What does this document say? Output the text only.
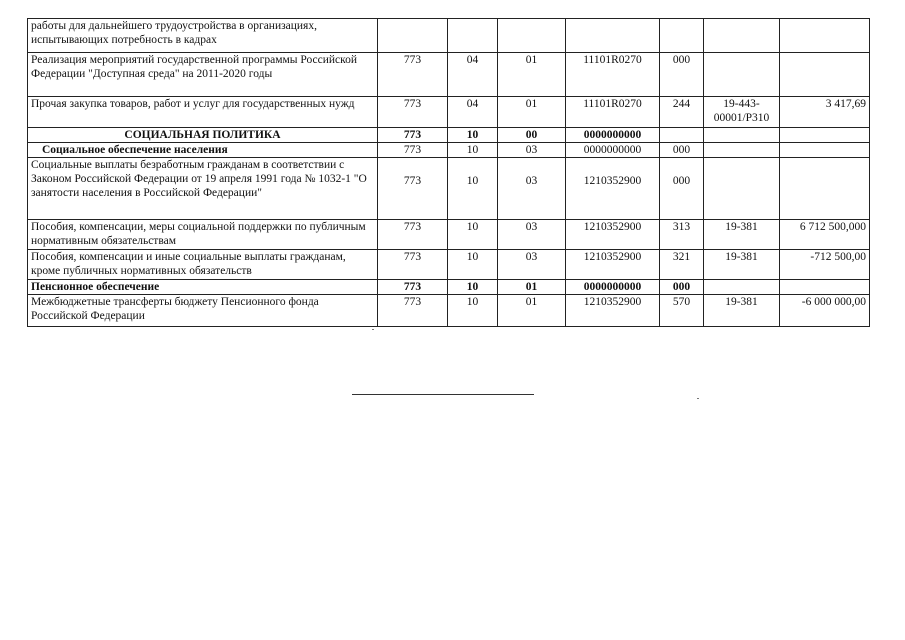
работы для дальнейшего трудоустройства в организациях, испытывающих потребность в кадрах							
Реализация мероприятий государственной программы Российской Федерации "Доступная среда" на 2011-2020 годы	773	04	01	11101R0270	000		
Прочая закупка товаров, работ и услуг для государственных нужд	773	04	01	11101R0270	244	19-443-00001/P310	3 417,69
СОЦИАЛЬНАЯ ПОЛИТИКА	773	10	00	0000000000			
Социальное обеспечение населения	773	10	03	0000000000	000		
Социальные выплаты безработным гражданам в соответствии с Законом Российской Федерации от 19 апреля 1991 года № 1032-1 "О занятости населения в Российской Федерации"	773	10	03	1210352900	000		
Пособия, компенсации, меры социальной поддержки по публичным нормативным обязательствам	773	10	03	1210352900	313	19-381	6 712 500,000
Пособия, компенсации и иные социальные выплаты гражданам, кроме публичных нормативных обязательств	773	10	03	1210352900	321	19-381	-712 500,00
Пенсионное обеспечение	773	10	01	0000000000	000		
Межбюджетные трансферты бюджету Пенсионного фонда Российской Федерации	773	10	01	1210352900	570	19-381	-6 000 000,00
